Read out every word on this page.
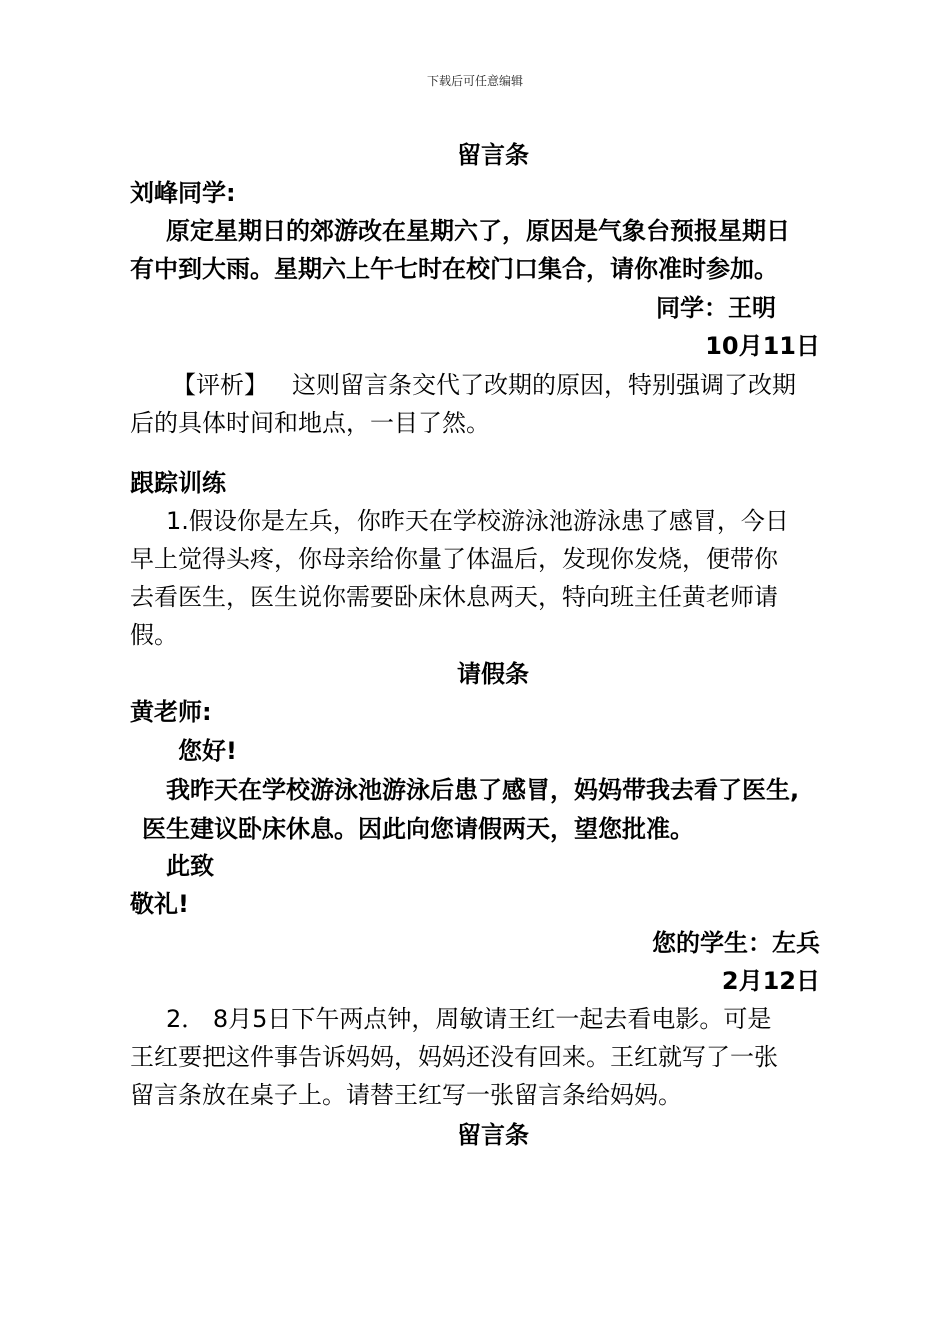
下载后可任意编辑
留言条
刘峰同学:
原定星期日的郊游改在星期六了，原因是气象台预报星期日
有中到大雨。星期六上午七时在校门口集合，请你准时参加。
同学：王明
10月11日
【评析】	这则留言条交代了改期的原因，特别强调了改期
后的具体时间和地点，一目了然。
跟踪训练
1.假设你是左兵，你昨天在学校游泳池游泳患了感冒，今日
早上觉得头疼，你母亲给你量了体温后，发现你发烧，便带你
去看医生，医生说你需要卧床休息两天，特向班主任黄老师请
假。
请假条
黄老师:
您好!
我昨天在学校游泳池游泳后患了感冒，妈妈带我去看了医生,
医生建议卧床休息。因此向您请假两天，望您批准。
此致
敬礼!
您的学生：左兵
2月12日
2． 8月5日下午两点钟，周敏请王红一起去看电影。可是
王红要把这件事告诉妈妈，妈妈还没有回来。王红就写了一张
留言条放在桌子上。请替王红写一张留言条给妈妈。
留言条
